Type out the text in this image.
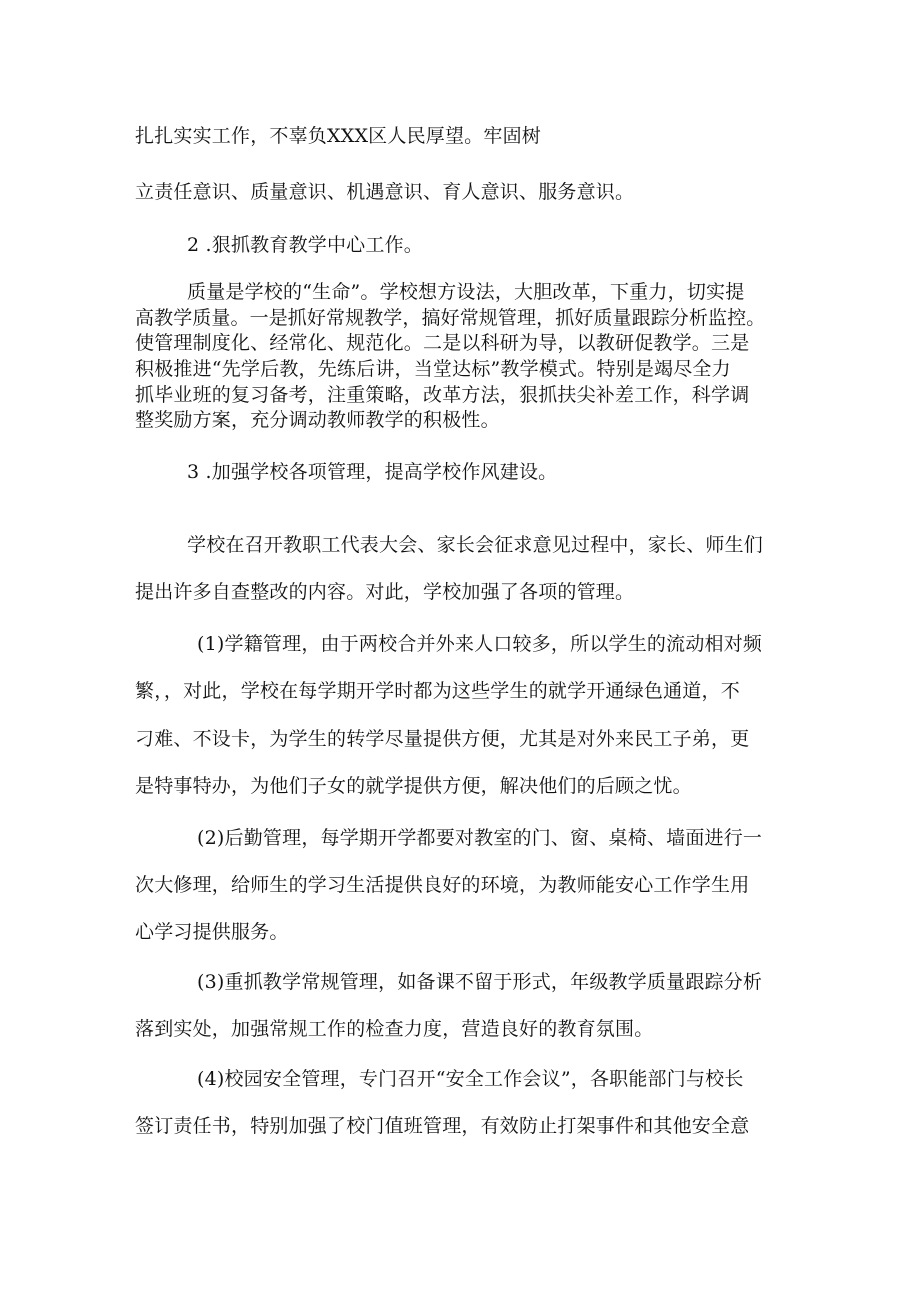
扎扎实实工作，不辜负XXX区人民厚望。牢固树
立责任意识、质量意识、机遇意识、育人意识、服务意识。
2 .狠抓教育教学中心工作。
质量是学校的“生命”。学校想方设法，大胆改革，下重力，切实提
高教学质量。一是抓好常规教学，搞好常规管理，抓好质量跟踪分析监控。
使管理制度化、经常化、规范化。二是以科研为导，以教研促教学。三是
积极推进“先学后教，先练后讲，当堂达标”教学模式。特别是竭尽全力
抓毕业班的复习备考，注重策略，改革方法，狠抓扶尖补差工作，科学调
整奖励方案，充分调动教师教学的积极性。
3 .加强学校各项管理，提高学校作风建设。
学校在召开教职工代表大会、家长会征求意见过程中，家长、师生们
提出许多自查整改的内容。对此，学校加强了各项的管理。
(1)学籍管理，由于两校合并外来人口较多，所以学生的流动相对频
繁，，对此，学校在每学期开学时都为这些学生的就学开通绿色通道，不
刁难、不设卡，为学生的转学尽量提供方便，尤其是对外来民工子弟，更
是特事特办，为他们子女的就学提供方便，解决他们的后顾之忧。
(2)后勤管理，每学期开学都要对教室的门、窗、桌椅、墙面进行一
次大修理，给师生的学习生活提供良好的环境，为教师能安心工作学生用
心学习提供服务。
(3)重抓教学常规管理，如备课不留于形式，年级教学质量跟踪分析
落到实处，加强常规工作的检查力度，营造良好的教育氛围。
(4)校园安全管理，专门召开“安全工作会议”，各职能部门与校长
签订责任书，特别加强了校门值班管理，有效防止打架事件和其他安全意
